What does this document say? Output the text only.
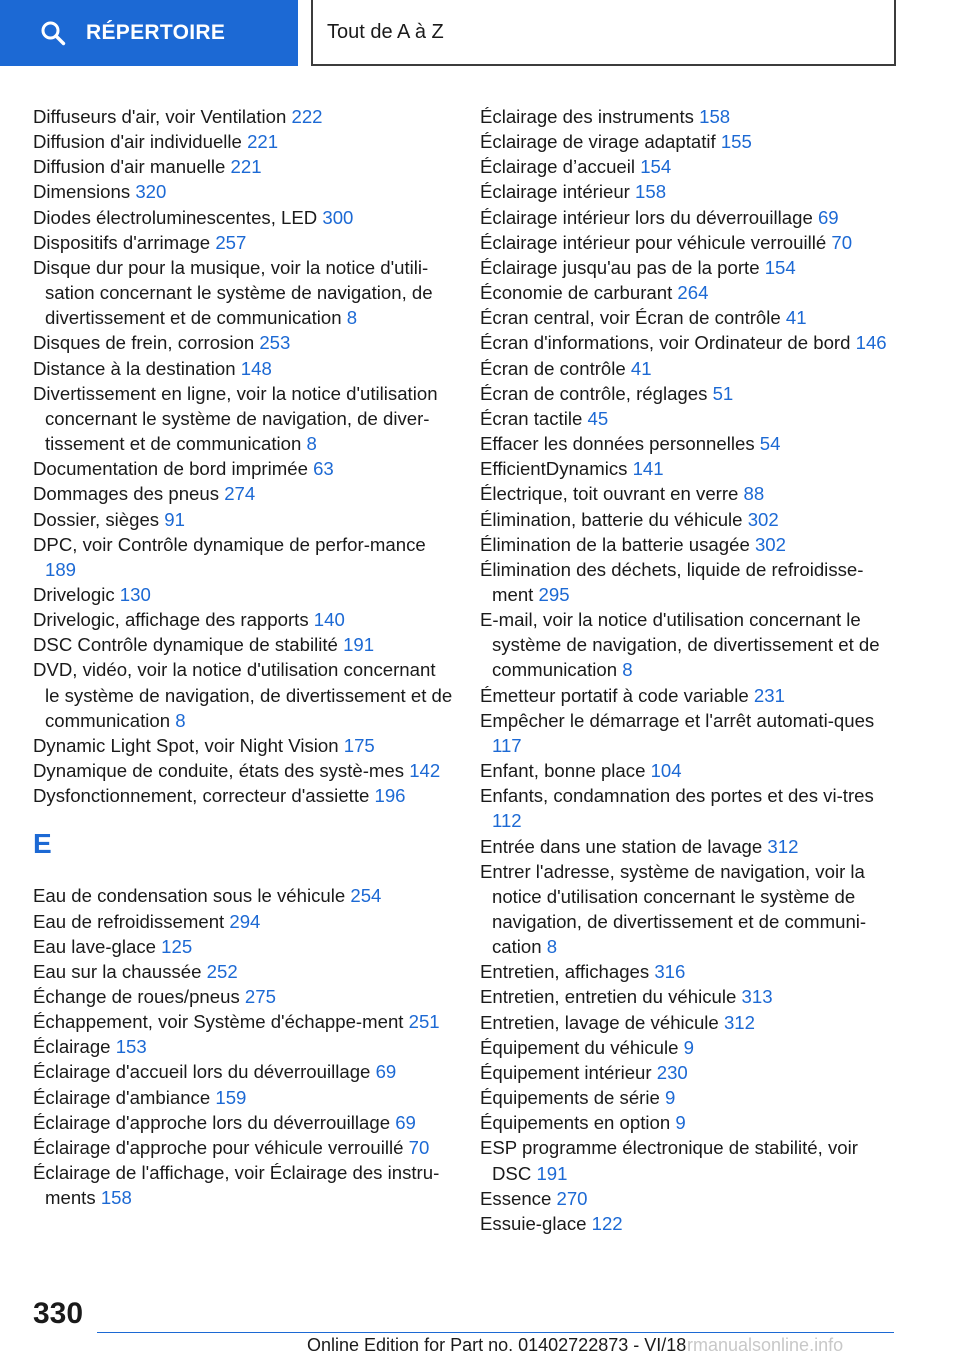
RÉPERTOIRE	Tout de A à Z
Diffuseurs d'air, voir Ventilation 222
Diffusion d'air individuelle 221
Diffusion d'air manuelle 221
Dimensions 320
Diodes électroluminescentes, LED 300
Dispositifs d'arrimage 257
Disque dur pour la musique, voir la notice d'utili‐sation concernant le système de navigation, de divertissement et de communication 8
Disques de frein, corrosion 253
Distance à la destination 148
Divertissement en ligne, voir la notice d'utilisation concernant le système de navigation, de diver‐tissement et de communication 8
Documentation de bord imprimée 63
Dommages des pneus 274
Dossier, sièges 91
DPC, voir Contrôle dynamique de perfor‐mance 189
Drivelogic 130
Drivelogic, affichage des rapports 140
DSC Contrôle dynamique de stabilité 191
DVD, vidéo, voir la notice d'utilisation concernant le système de navigation, de divertissement et de communication 8
Dynamic Light Spot, voir Night Vision 175
Dynamique de conduite, états des systè‐mes 142
Dysfonctionnement, correcteur d'assiette 196
E
Eau de condensation sous le véhicule 254
Eau de refroidissement 294
Eau lave-glace 125
Eau sur la chaussée 252
Échange de roues/pneus 275
Échappement, voir Système d'échappe‐ment 251
Éclairage 153
Éclairage d'accueil lors du déverrouillage 69
Éclairage d'ambiance 159
Éclairage d'approche lors du déverrouillage 69
Éclairage d'approche pour véhicule verrouillé 70
Éclairage de l'affichage, voir Éclairage des instru‐ments 158
Éclairage des instruments 158
Éclairage de virage adaptatif 155
Éclairage d’accueil 154
Éclairage intérieur 158
Éclairage intérieur lors du déverrouillage 69
Éclairage intérieur pour véhicule verrouillé 70
Éclairage jusqu'au pas de la porte 154
Économie de carburant 264
Écran central, voir Écran de contrôle 41
Écran d'informations, voir Ordinateur de bord 146
Écran de contrôle 41
Écran de contrôle, réglages 51
Écran tactile 45
Effacer les données personnelles 54
EfficientDynamics 141
Électrique, toit ouvrant en verre 88
Élimination, batterie du véhicule 302
Élimination de la batterie usagée 302
Élimination des déchets, liquide de refroidisse‐ment 295
E-mail, voir la notice d'utilisation concernant le système de navigation, de divertissement et de communication 8
Émetteur portatif à code variable 231
Empêcher le démarrage et l'arrêt automati‐ques 117
Enfant, bonne place 104
Enfants, condamnation des portes et des vi‐tres 112
Entrée dans une station de lavage 312
Entrer l'adresse, système de navigation, voir la notice d'utilisation concernant le système de navigation, de divertissement et de communi‐cation 8
Entretien, affichages 316
Entretien, entretien du véhicule 313
Entretien, lavage de véhicule 312
Équipement du véhicule 9
Équipement intérieur 230
Équipements de série 9
Équipements en option 9
ESP programme électronique de stabilité, voir DSC 191
Essence 270
Essuie-glace 122
330
Online Edition for Part no. 01402722873 - VI/18 rmanualsonline.info
